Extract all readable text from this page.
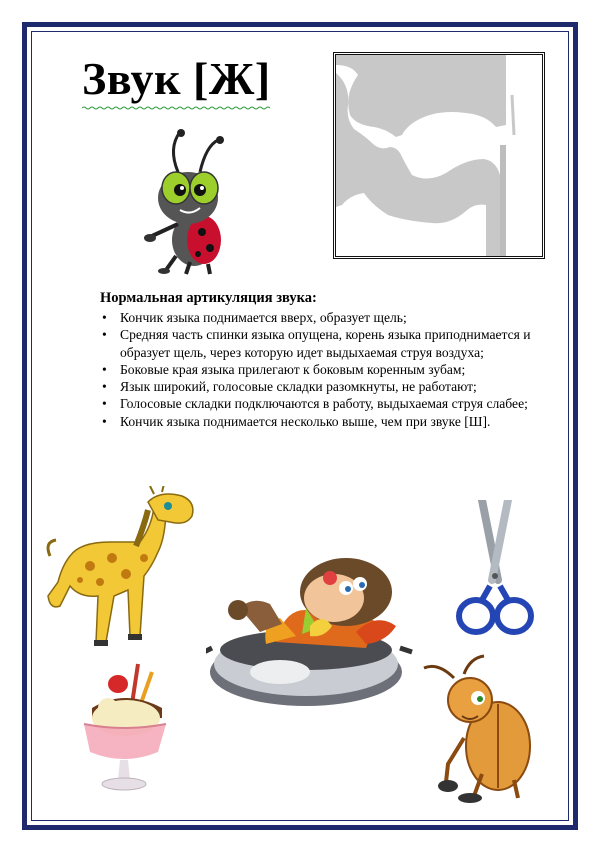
Звук [Ж]
Нормальная артикуляция звука:
• Кончик языка поднимается вверх, образует щель;
• Средняя часть спинки языка опущена, корень языка приподнимается и образует щель, через которую идет выдыхаемая струя воздуха;
• Боковые края языка прилегают к боковым коренным зубам;
• Язык широкий, голосовые складки разомкнуты, не работают;
• Голосовые складки подключаются в работу, выдыхаемая струя слабее;
• Кончик языка поднимается несколько выше, чем при звуке [Ш].
